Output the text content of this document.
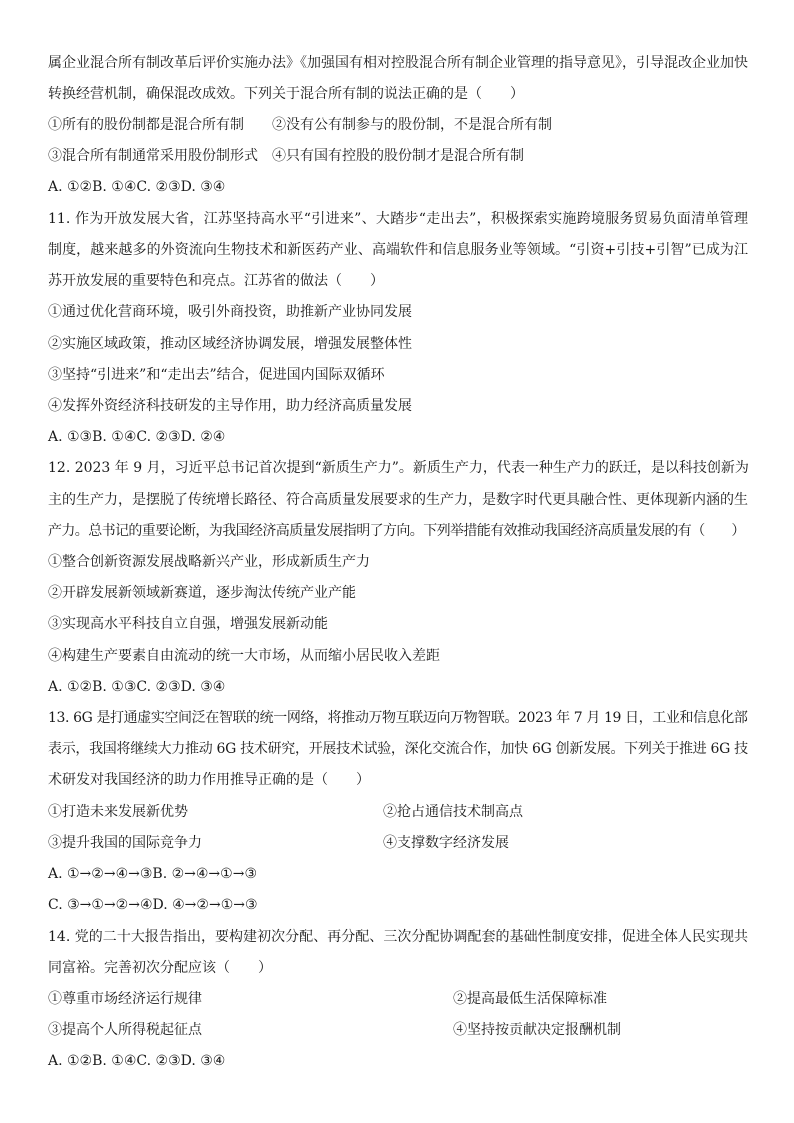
属企业混合所有制改革后评价实施办法》《加强国有相对控股混合所有制企业管理的指导意见》，引导混改企业加快
转换经营机制，确保混改成效。下列关于混合所有制的说法正确的是（　　）
①所有的股份制都是混合所有制 ②没有公有制参与的股份制，不是混合所有制
③混合所有制通常采用股份制形式 ④只有国有控股的股份制才是混合所有制
A. ①②B. ①④C. ②③D. ③④
11. 作为开放发展大省，江苏坚持高水平“引进来”、大踏步“走出去”，积极探索实施跨境服务贸易负面清单管理
制度，越来越多的外资流向生物技术和新医药产业、高端软件和信息服务业等领域。“引资+引技+引智”已成为江
苏开放发展的重要特色和亮点。江苏省的做法（　　）
①通过优化营商环境，吸引外商投资，助推新产业协同发展
②实施区域政策，推动区域经济协调发展，增强发展整体性
③坚持“引进来”和“走出去”结合，促进国内国际双循环
④发挥外资经济科技研发的主导作用，助力经济高质量发展
A. ①③B. ①④C. ②③D. ②④
12. 2023 年 9 月，习近平总书记首次提到“新质生产力”。新质生产力，代表一种生产力的跃迁，是以科技创新为
主的生产力，是摆脱了传统增长路径、符合高质量发展要求的生产力，是数字时代更具融合性、更体现新内涵的生
产力。总书记的重要论断，为我国经济高质量发展指明了方向。下列举措能有效推动我国经济高质量发展的有（　　）
①整合创新资源发展战略新兴产业，形成新质生产力
②开辟发展新领域新赛道，逐步淘汰传统产业产能
③实现高水平科技自立自强，增强发展新动能
④构建生产要素自由流动的统一大市场，从而缩小居民收入差距
A. ①②B. ①③C. ②③D. ③④
13. 6G 是打通虚实空间泛在智联的统一网络，将推动万物互联迈向万物智联。2023 年 7 月 19 日，工业和信息化部
表示，我国将继续大力推动 6G 技术研究，开展技术试验，深化交流合作，加快 6G 创新发展。下列关于推进 6G 技
术研发对我国经济的助力作用推导正确的是（　　）
①打造未来发展新优势	②抢占通信技术制高点
③提升我国的国际竞争力	④支撑数字经济发展
A. ①→②→④→③B. ②→④→①→③
C. ③→①→②→④D. ④→②→①→③
14. 党的二十大报告指出，要构建初次分配、再分配、三次分配协调配套的基础性制度安排，促进全体人民实现共
同富裕。完善初次分配应该（　　）
①尊重市场经济运行规律	②提高最低生活保障标准
③提高个人所得税起征点	④坚持按贡献决定报酬机制
A. ①②B. ①④C. ②③D. ③④
